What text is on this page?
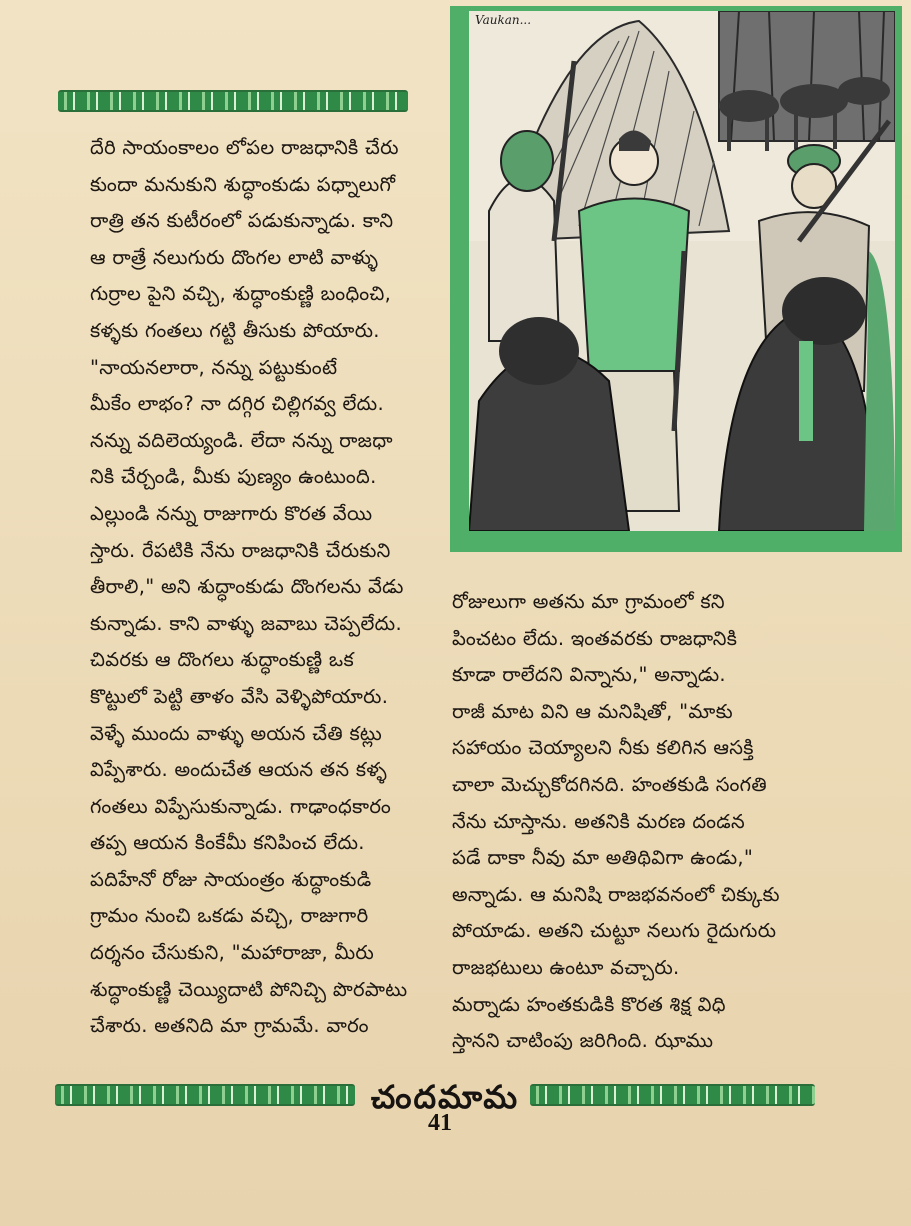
Vaukan...

దేరి సాయంకాలం లోపల రాజధానికి చేరు

కుందా మనుకుని శుద్ధాంకుడు పధ్నాలుగో

రాత్రి తన కుటీరంలో పడుకున్నాడు. కాని

ఆ రాత్రే నలుగురు దొంగల లాటి వాళ్ళు

గుర్రాల పైని వచ్చి, శుద్ధాంకుణ్ణి బంధించి,

కళ్ళకు గంతలు గట్టి తీసుకు పోయారు.

"నాయనలారా, నన్ను పట్టుకుంటే

మీకేం లాభం? నా దగ్గిర చిల్లిగవ్వ లేదు.

నన్ను వదిలెయ్యండి. లేదా నన్ను రాజధా

నికి చేర్చండి, మీకు పుణ్యం ఉంటుంది.

ఎల్లుండి నన్ను రాజుగారు కొరత వేయి

స్తారు. రేపటికి నేను రాజధానికి చేరుకుని

తీరాలి," అని శుద్ధాంకుడు దొంగలను వేడు

కున్నాడు. కాని వాళ్ళు జవాబు చెప్పలేదు.

చివరకు ఆ దొంగలు శుద్ధాంకుణ్ణి ఒక

కొట్టులో పెట్టి తాళం వేసి వెళ్ళిపోయారు.

వెళ్ళే ముందు వాళ్ళు అయన చేతి కట్లు

విప్పేశారు. అందుచేత ఆయన తన కళ్ళ

గంతలు విప్పేసుకున్నాడు. గాఢాంధకారం

తప్ప ఆయన కింకేమీ కనిపించ లేదు.

పదిహేనో రోజు సాయంత్రం శుద్ధాంకుడి

గ్రామం నుంచి ఒకడు వచ్చి, రాజుగారి

దర్శనం చేసుకుని, "మహారాజా, మీరు

శుద్ధాంకుణ్ణి చెయ్యిదాటి పోనిచ్చి పొరపాటు

చేశారు. అతనిది మా గ్రామమే. వారం

రోజులుగా అతను మా గ్రామంలో కని

పించటం లేదు. ఇంతవరకు రాజధానికి

కూడా రాలేదని విన్నాను," అన్నాడు.

రాజీ మాట విని ఆ మనిషితో, "మాకు

సహాయం చెయ్యాలని నీకు కలిగిన ఆసక్తి

చాలా మెచ్చుకోదగినది. హంతకుడి సంగతి

నేను చూస్తాను. అతనికి మరణ దండన

పడే దాకా నీవు మా అతిథివిగా ఉండు,"

అన్నాడు. ఆ మనిషి రాజభవనంలో చిక్కుకు

పోయాడు. అతని చుట్టూ నలుగు రైదుగురు

రాజభటులు ఉంటూ వచ్చారు.

మర్నాడు హంతకుడికి కొరత శిక్ష విధి

స్తానని చాటింపు జరిగింది. ఝాము

చందమామ
41
